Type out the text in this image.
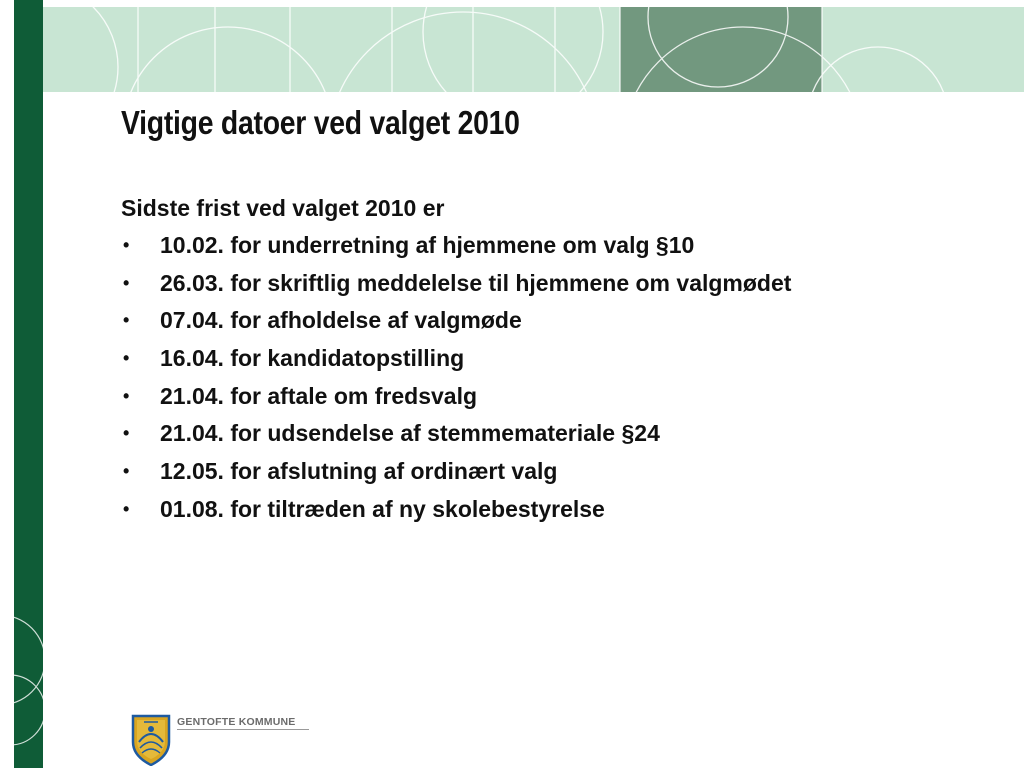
Vigtige datoer ved valget 2010

Sidste frist ved valget 2010 er

• 10.02. for underretning af hjemmene om valg §10
• 26.03. for skriftlig meddelelse til hjemmene om valgmødet
• 07.04. for afholdelse af valgmøde
• 16.04. for kandidatopstilling
• 21.04. for aftale om fredsvalg
• 21.04. for udsendelse af stemmemateriale §24
• 12.05. for afslutning af ordinært valg
• 01.08. for tiltræden af ny skolebestyrelse
GENTOFTE KOMMUNE
